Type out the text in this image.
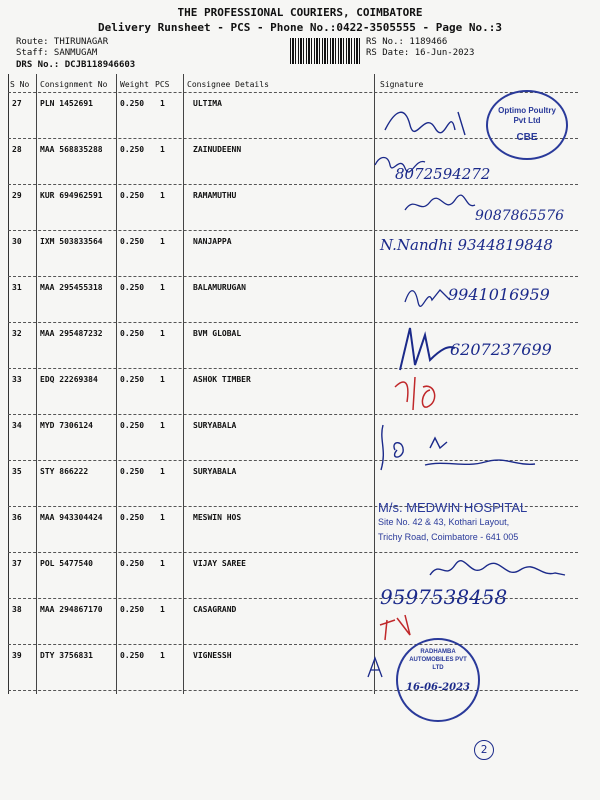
THE PROFESSIONAL COURIERS, COIMBATORE
Delivery Runsheet - PCS - Phone No.:0422-3505555 - Page No.:3
Route: THIRUNAGAR
Staff: SANMUGAM
DRS No.: DCJB118946603
RS No.: 1189466
RS Date: 16-Jun-2023
S No Consignment No Weight PCS Consignee Details	Signature
27 PLN 1452691	0.250 1	ULTIMA
28 MAA 568835288 0.250 1	ZAINUDEENN
29 KUR 694962591 0.250 1	RAMAMUTHU
30 IXM 503833564 0.250 1	NANJAPPA
31 MAA 295455318 0.250 1	BALAMURUGAN
32 MAA 295487232 0.250 1	BVM GLOBAL
33 EDQ 22269384	0.250 1	ASHOK TIMBER
34 MYD 7306124	0.250 1	SURYABALA
35 STY 866222	0.250 1	SURYABALA
36 MAA 943304424 0.250 1	MESWIN HOS
37 POL 5477540	0.250 1	VIJAY SAREE
38 MAA 294867170 0.250 1	CASAGRAND
39 DTY 3756831	0.250 1	VIGNESSH
8072594272
9087865576
N.Nandhi 9344819848
9941016959
6207237699
9597538458
Optimo Poultry Pvt Ltd
CBE
M/s. MEDWIN HOSPITAL
Site No. 42 & 43, Kothari Layout,
Trichy Road, Coimbatore - 641 005
RADHAMBA AUTOMOBILES PVT LTD
16-06-2023
2
